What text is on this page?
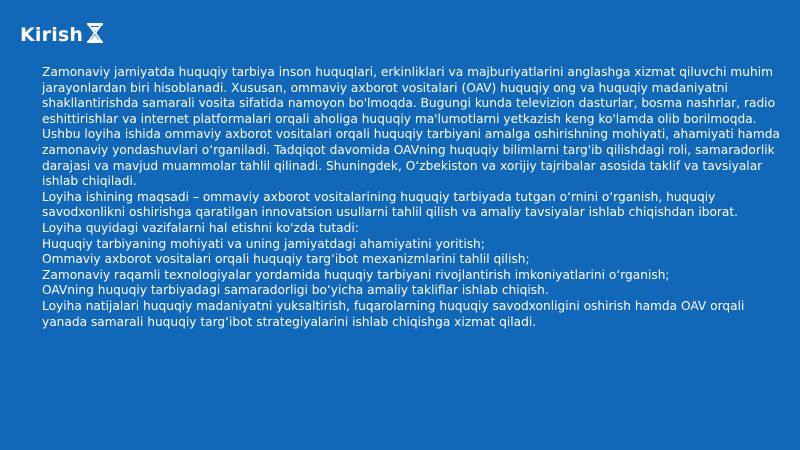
Kirish

Zamonaviy jamiyatda huquqiy tarbiya inson huquqlari, erkinliklari va majburiyatlarini anglashga xizmat qiluvchi muhim jarayonlardan biri hisoblanadi. Xususan, ommaviy axborot vositalari (OAV) huquqiy ong va huquqiy madaniyatni shakllantirishda samarali vosita sifatida namoyon bo'lmoqda. Bugungi kunda televizion dasturlar, bosma nashrlar, radio eshittirishlar va internet platformalari orqali aholiga huquqiy ma'lumotlarni yetkazish keng ko'lamda olib borilmoqda.

Ushbu loyiha ishida ommaviy axborot vositalari orqali huquqiy tarbiyani amalga oshirishning mohiyati, ahamiyati hamda zamonaviy yondashuvlari o‘rganiladi. Tadqiqot davomida OAVning huquqiy bilimlarni targ'ib qilishdagi roli, samaradorlik darajasi va mavjud muammolar tahlil qilinadi. Shuningdek, O‘zbekiston va xorijiy tajribalar asosida taklif va tavsiyalar ishlab chiqiladi.

Loyiha ishining maqsadi – ommaviy axborot vositalarining huquqiy tarbiyada tutgan o‘rnini o‘rganish, huquqiy savodxonlikni oshirishga qaratilgan innovatsion usullarni tahlil qilish va amaliy tavsiyalar ishlab chiqishdan iborat.

Loyiha quyidagi vazifalarni hal etishni ko'zda tutadi:

Huquqiy tarbiyaning mohiyati va uning jamiyatdagi ahamiyatini yoritish;

Ommaviy axborot vositalari orqali huquqiy targ‘ibot mexanizmlarini tahlil qilish;

Zamonaviy raqamli texnologiyalar yordamida huquqiy tarbiyani rivojlantirish imkoniyatlarini o‘rganish;

OAVning huquqiy tarbiyadagi samaradorligi bo‘yicha amaliy takliflar ishlab chiqish.

Loyiha natijalari huquqiy madaniyatni yuksaltirish, fuqarolarning huquqiy savodxonligini oshirish hamda OAV orqali yanada samarali huquqiy targ‘ibot strategiyalarini ishlab chiqishga xizmat qiladi.
